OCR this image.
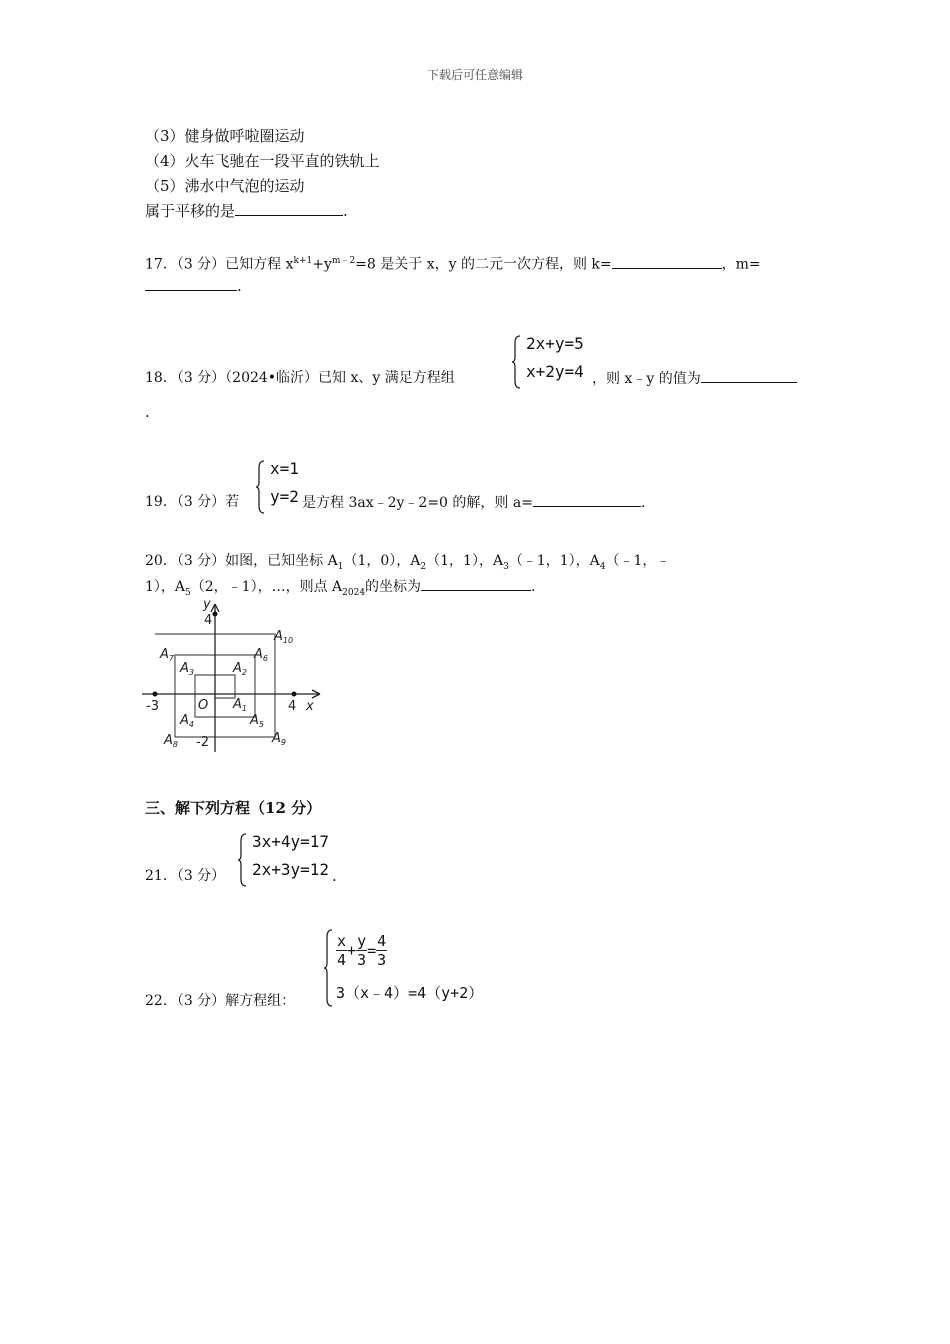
下载后可任意编辑
（3）健身做呼啦圈运动
（4）火车飞驰在一段平直的铁轨上
（5）沸水中气泡的运动
属于平移的是	.
17．（3 分）已知方程 $x^{k+1}+y^{m﹣2}=8$ 是关于 x，y 的二元一次方程，则 k=	，m=
.
18．（3 分）（2024•临沂）已知 x、y 满足方程组
2x+y=5
x+2y=4 ，则 x﹣y 的值为
.
19．（3 分）若
x=1
y=2 是方程 3ax﹣2y﹣2=0 的解，则 a=	.
20．（3 分）如图，已知坐标 $A_1(1$，0），$A_2(1$，1），$A_3(﹣1$，1），$A_4(﹣1$，﹣
1），$A_5(2$，﹣1），…，则点 $A_{2024}$的坐标为	.
y
x
O $A_1$
$A_2$
$A_3$
$A_4$	$A_5$
$A_6$
$A_7$
$A_8$	$A_9$
$A_{10}$
4
-2
-3	4
三、解下列方程（12 分）
21．（3 分）
3x+4y=17
2x+3y=12 .
22．（3 分）解方程组：
$\frac{x}{4} + \frac{y}{3} = \frac{4}{3}$
3（x﹣4）=4（y+2）
